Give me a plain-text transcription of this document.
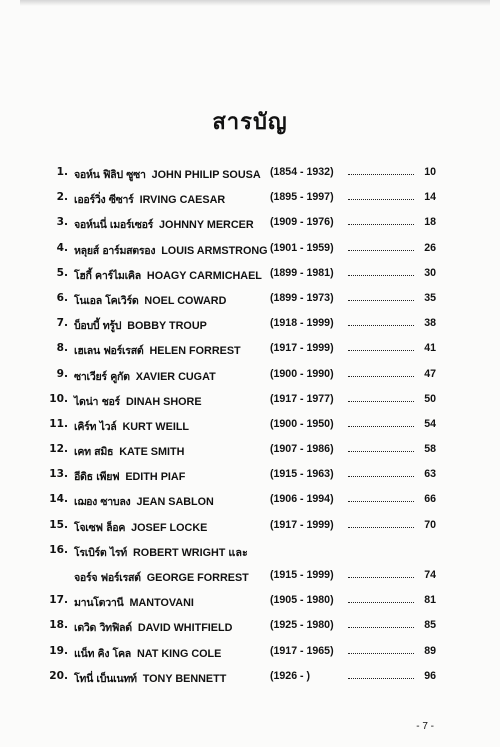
สารบัญ
1. จอห์น ฟิลิป ซูซา JOHN PHILIP SOUSA (1854 - 1932)	10
2. เออร์วิ่ง ซีซาร์ IRVING CAESAR	(1895 - 1997)	14
3. จอห์นนี่ เมอร์เซอร์ JOHNNY MERCER (1909 - 1976)	18
4. หลุยส์ อาร์มสตรอง LOUIS ARMSTRONG (1901 - 1959)	26
5. โฮกี้ คาร์ไมเคิล HOAGY CARMICHAEL (1899 - 1981)	30
6. โนเอล โคเวิร์ด NOEL COWARD	(1899 - 1973)	35
7. บ็อบบี้ ทรู้ป BOBBY TROUP	(1918 - 1999)	38
8. เฮเลน ฟอร์เรสต์ HELEN FORREST	(1917 - 1999)	41
9. ซาเวียร์ คูกัต XAVIER CUGAT	(1900 - 1990)	47
10. ไดน่า ชอร์ DINAH SHORE	(1917 - 1977)	50
11. เคิร์ท ไวล์ KURT WEILL	(1900 - 1950)	54
12. เคท สมิธ KATE SMITH	(1907 - 1986)	58
13. อีดิธ เพียฟ EDITH PIAF	(1915 - 1963)	63
14. เฌอง ซาบลง JEAN SABLON	(1906 - 1994)	66
15. โจเซฟ ล็อค JOSEF LOCKE	(1917 - 1999)	70
16. โรเบิร์ต ไรท์ ROBERT WRIGHT และ
จอร์จ ฟอร์เรสต์ GEORGE FORREST (1915 - 1999)	74
17. มานโตวานี MANTOVANI	(1905 - 1980)	81
18. เดวิด วิทฟิลด์ DAVID WHITFIELD	(1925 - 1980)	85
19. แน็ท คิง โคล NAT KING COLE	(1917 - 1965)	89
20. โทนี่ เบ็นเนทท์ TONY BENNETT	(1926 - )	96
- 7 -
